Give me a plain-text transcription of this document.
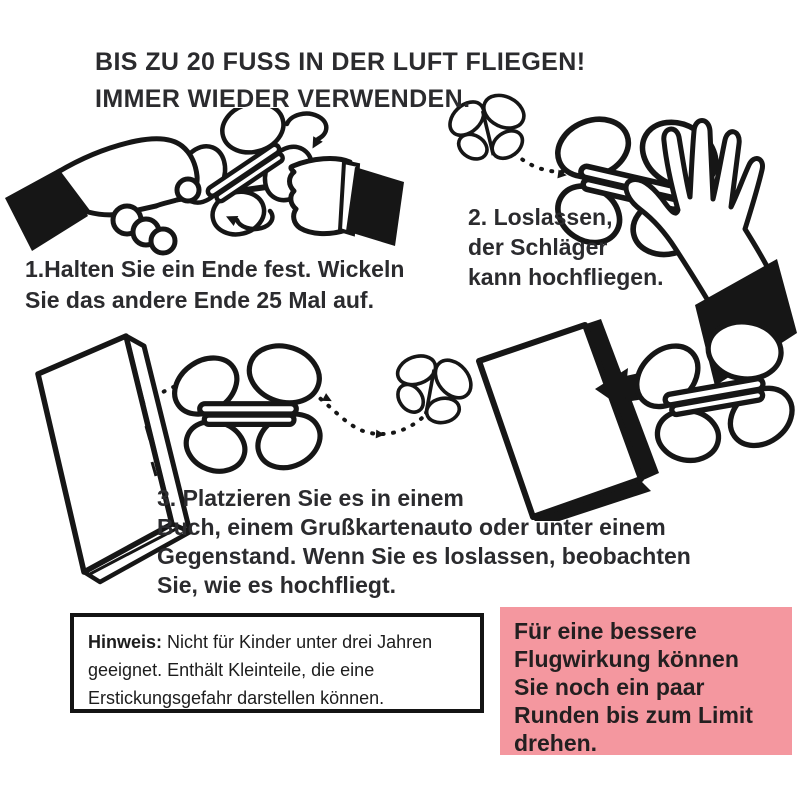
BIS ZU 20 FUSS IN DER LUFT FLIEGEN!
IMMER WIEDER VERWENDEN.
1.Halten Sie ein Ende fest. Wickeln
Sie das andere Ende 25 Mal auf.
2. Loslassen,
der Schläger
kann hochfliegen.
3. Platzieren Sie es in einem
Buch, einem Grußkartenauto oder unter einem
Gegenstand. Wenn Sie es loslassen, beobachten
Sie, wie es hochfliegt.
Hinweis: Nicht für Kinder unter drei Jahren geeignet. Enthält Kleinteile, die eine Erstickungsgefahr darstellen können.
Für eine bessere
Flugwirkung können
Sie noch ein paar
Runden bis zum Limit
drehen.
